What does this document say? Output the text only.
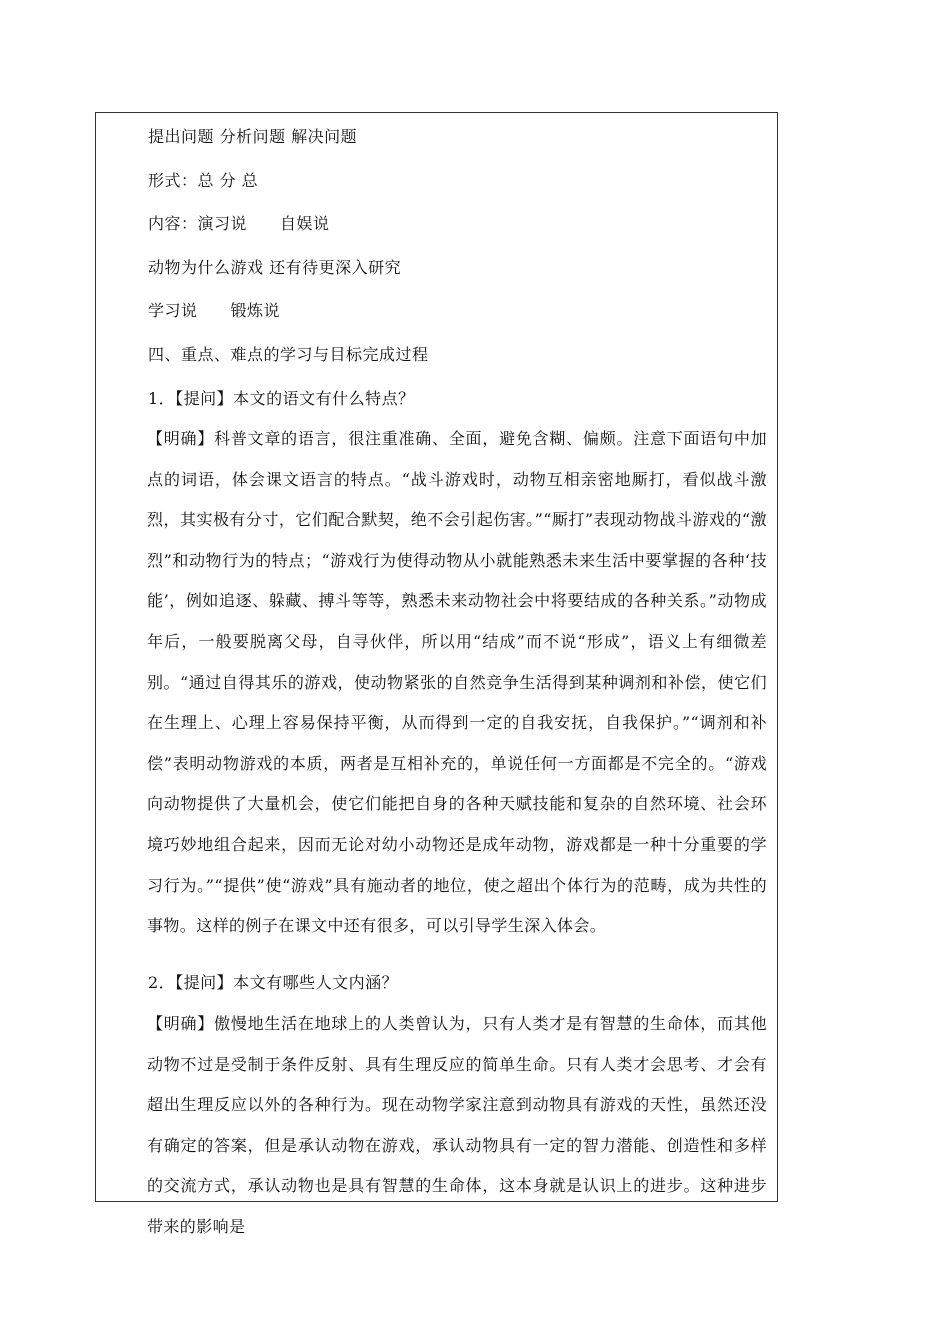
提出问题 分析问题 解决问题
形式：总 分 总
内容：演习说　　自娱说
动物为什么游戏 还有待更深入研究
学习说　　锻炼说
四、重点、难点的学习与目标完成过程
1．【提问】本文的语文有什么特点？

【明确】科普文章的语言，很注重准确、全面，避免含糊、偏颇。注意下面语句中加点的词语，体会课文语言的特点。“战斗游戏时，动物互相亲密地厮打，看似战斗激烈，其实极有分寸，它们配合默契，绝不会引起伤害。”“厮打”表现动物战斗游戏的“激烈”和动物行为的特点；“游戏行为使得动物从小就能熟悉未来生活中要掌握的各种‘技能’，例如追逐、躲藏、搏斗等等，熟悉未来动物社会中将要结成的各种关系。”动物成年后，一般要脱离父母，自寻伙伴，所以用“结成”而不说“形成”，语义上有细微差别。“通过自得其乐的游戏，使动物紧张的自然竞争生活得到某种调剂和补偿，使它们在生理上、心理上容易保持平衡，从而得到一定的自我安抚，自我保护。”“调剂和补偿”表明动物游戏的本质，两者是互相补充的，单说任何一方面都是不完全的。“游戏向动物提供了大量机会，使它们能把自身的各种天赋技能和复杂的自然环境、社会环境巧妙地组合起来，因而无论对幼小动物还是成年动物，游戏都是一种十分重要的学习行为。”“提供”使“游戏”具有施动者的地位，使之超出个体行为的范畴，成为共性的事物。这样的例子在课文中还有很多，可以引导学生深入体会。

2．【提问】本文有哪些人文内涵？

【明确】傲慢地生活在地球上的人类曾认为，只有人类才是有智慧的生命体，而其他动物不过是受制于条件反射、具有生理反应的简单生命。只有人类才会思考、才会有超出生理反应以外的各种行为。现在动物学家注意到动物具有游戏的天性，虽然还没有确定的答案，但是承认动物在游戏，承认动物具有一定的智力潜能、创造性和多样的交流方式，承认动物也是具有智慧的生命体，这本身就是认识上的进步。这种进步带来的影响是
